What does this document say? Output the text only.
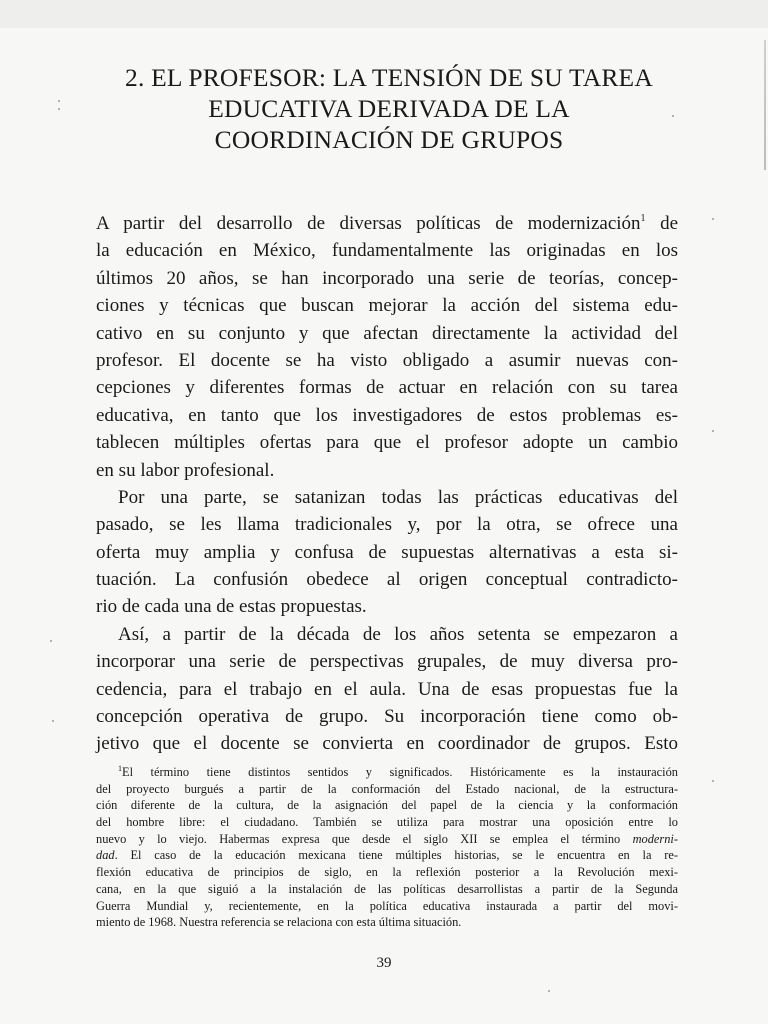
2. EL PROFESOR: LA TENSIÓN DE SU TAREA
EDUCATIVA DERIVADA DE LA
COORDINACIÓN DE GRUPOS
A partir del desarrollo de diversas políticas de modernización$^1$ de
la educación en México, fundamentalmente las originadas en los
últimos 20 años, se han incorporado una serie de teorías, concep-
ciones y técnicas que buscan mejorar la acción del sistema edu-
cativo en su conjunto y que afectan directamente la actividad del
profesor. El docente se ha visto obligado a asumir nuevas con-
cepciones y diferentes formas de actuar en relación con su tarea
educativa, en tanto que los investigadores de estos problemas es-
tablecen múltiples ofertas para que el profesor adopte un cambio
en su labor profesional.
Por una parte, se satanizan todas las prácticas educativas del
pasado, se les llama tradicionales y, por la otra, se ofrece una
oferta muy amplia y confusa de supuestas alternativas a esta si-
tuación. La confusión obedece al origen conceptual contradicto-
rio de cada una de estas propuestas.
Así, a partir de la década de los años setenta se empezaron a
incorporar una serie de perspectivas grupales, de muy diversa pro-
cedencia, para el trabajo en el aula. Una de esas propuestas fue la
concepción operativa de grupo. Su incorporación tiene como ob-
jetivo que el docente se convierta en coordinador de grupos. Esto
$^1$El término tiene distintos sentidos y significados. Históricamente es la instauración
del proyecto burgués a partir de la conformación del Estado nacional, de la estructura-
ción diferente de la cultura, de la asignación del papel de la ciencia y la conformación
del hombre libre: el ciudadano. También se utiliza para mostrar una oposición entre lo
nuevo y lo viejo. Habermas expresa que desde el siglo XII se emplea el término moderni-
dad. El caso de la educación mexicana tiene múltiples historias, se le encuentra en la re-
flexión educativa de principios de siglo, en la reflexión posterior a la Revolución mexi-
cana, en la que siguió a la instalación de las políticas desarrollistas a partir de la Segunda
Guerra Mundial y, recientemente, en la política educativa instaurada a partir del movi-
miento de 1968. Nuestra referencia se relaciona con esta última situación.
39
